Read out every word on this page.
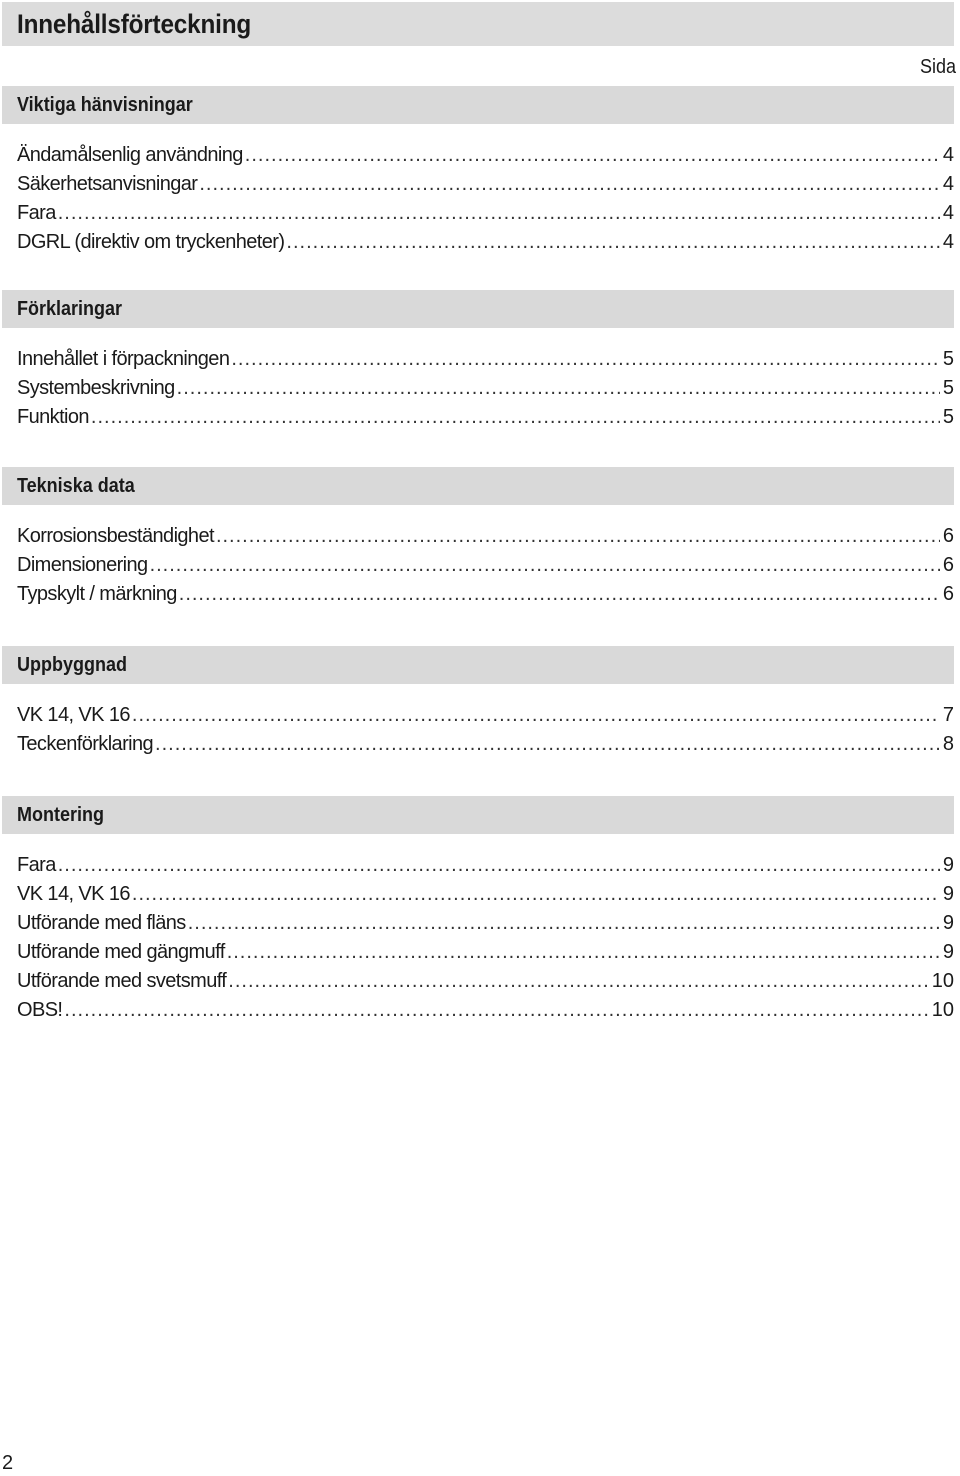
Innehållsförteckning
Sida
Viktiga hänvisningar
Ändamålsenlig användning .....	4
Säkerhetsanvisningar .....	4
Fara .....	4
DGRL (direktiv om tryckenheter) .....	4
Förklaringar
Innehållet i förpackningen .....	5
Systembeskrivning .....	5
Funktion .....	5
Tekniska data
Korrosionsbeständighet .....	6
Dimensionering .....	6
Typskylt / märkning .....	6
Uppbyggnad
VK 14, VK 16 .....	7
Teckenförklaring .....	8
Montering
Fara .....	9
VK 14, VK 16 .....	9
Utförande med fläns .....	9
Utförande med gängmuff .....	9
Utförande med svetsmuff .....	10
OBS! .....	10
2
